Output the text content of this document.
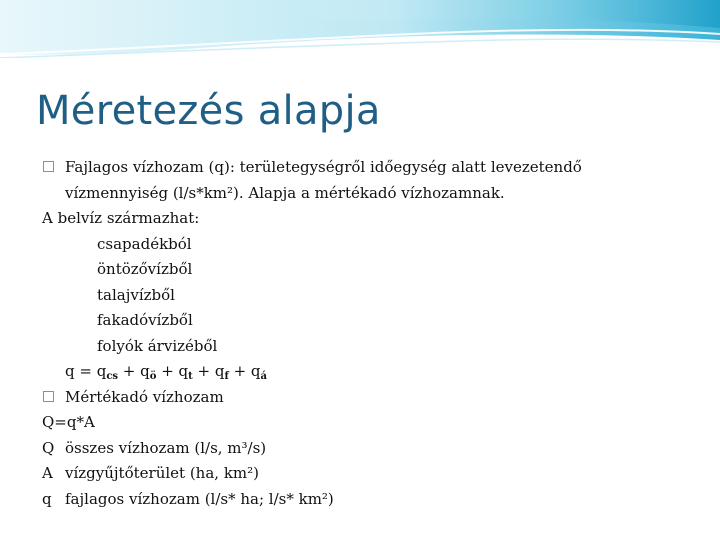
Méretezés alapja
Fajlagos vízhozam (q): területegységről időegység alatt levezetendő
vízmennyiség (l/s*km²). Alapja a mértékadó vízhozamnak.
A belvíz származhat:
csapadékból
öntözővízből
talajvízből
fakadóvízből
folyók árvizéből
$q = q_{cs} + q_ö + q_t + q_f + q_á$
Mértékadó vízhozam
Q=q*A
Q összes vízhozam (l/s, m³/s)
A vízgyűjtőterület (ha, km²)
q fajlagos vízhozam (l/s* ha; l/s* km²)
